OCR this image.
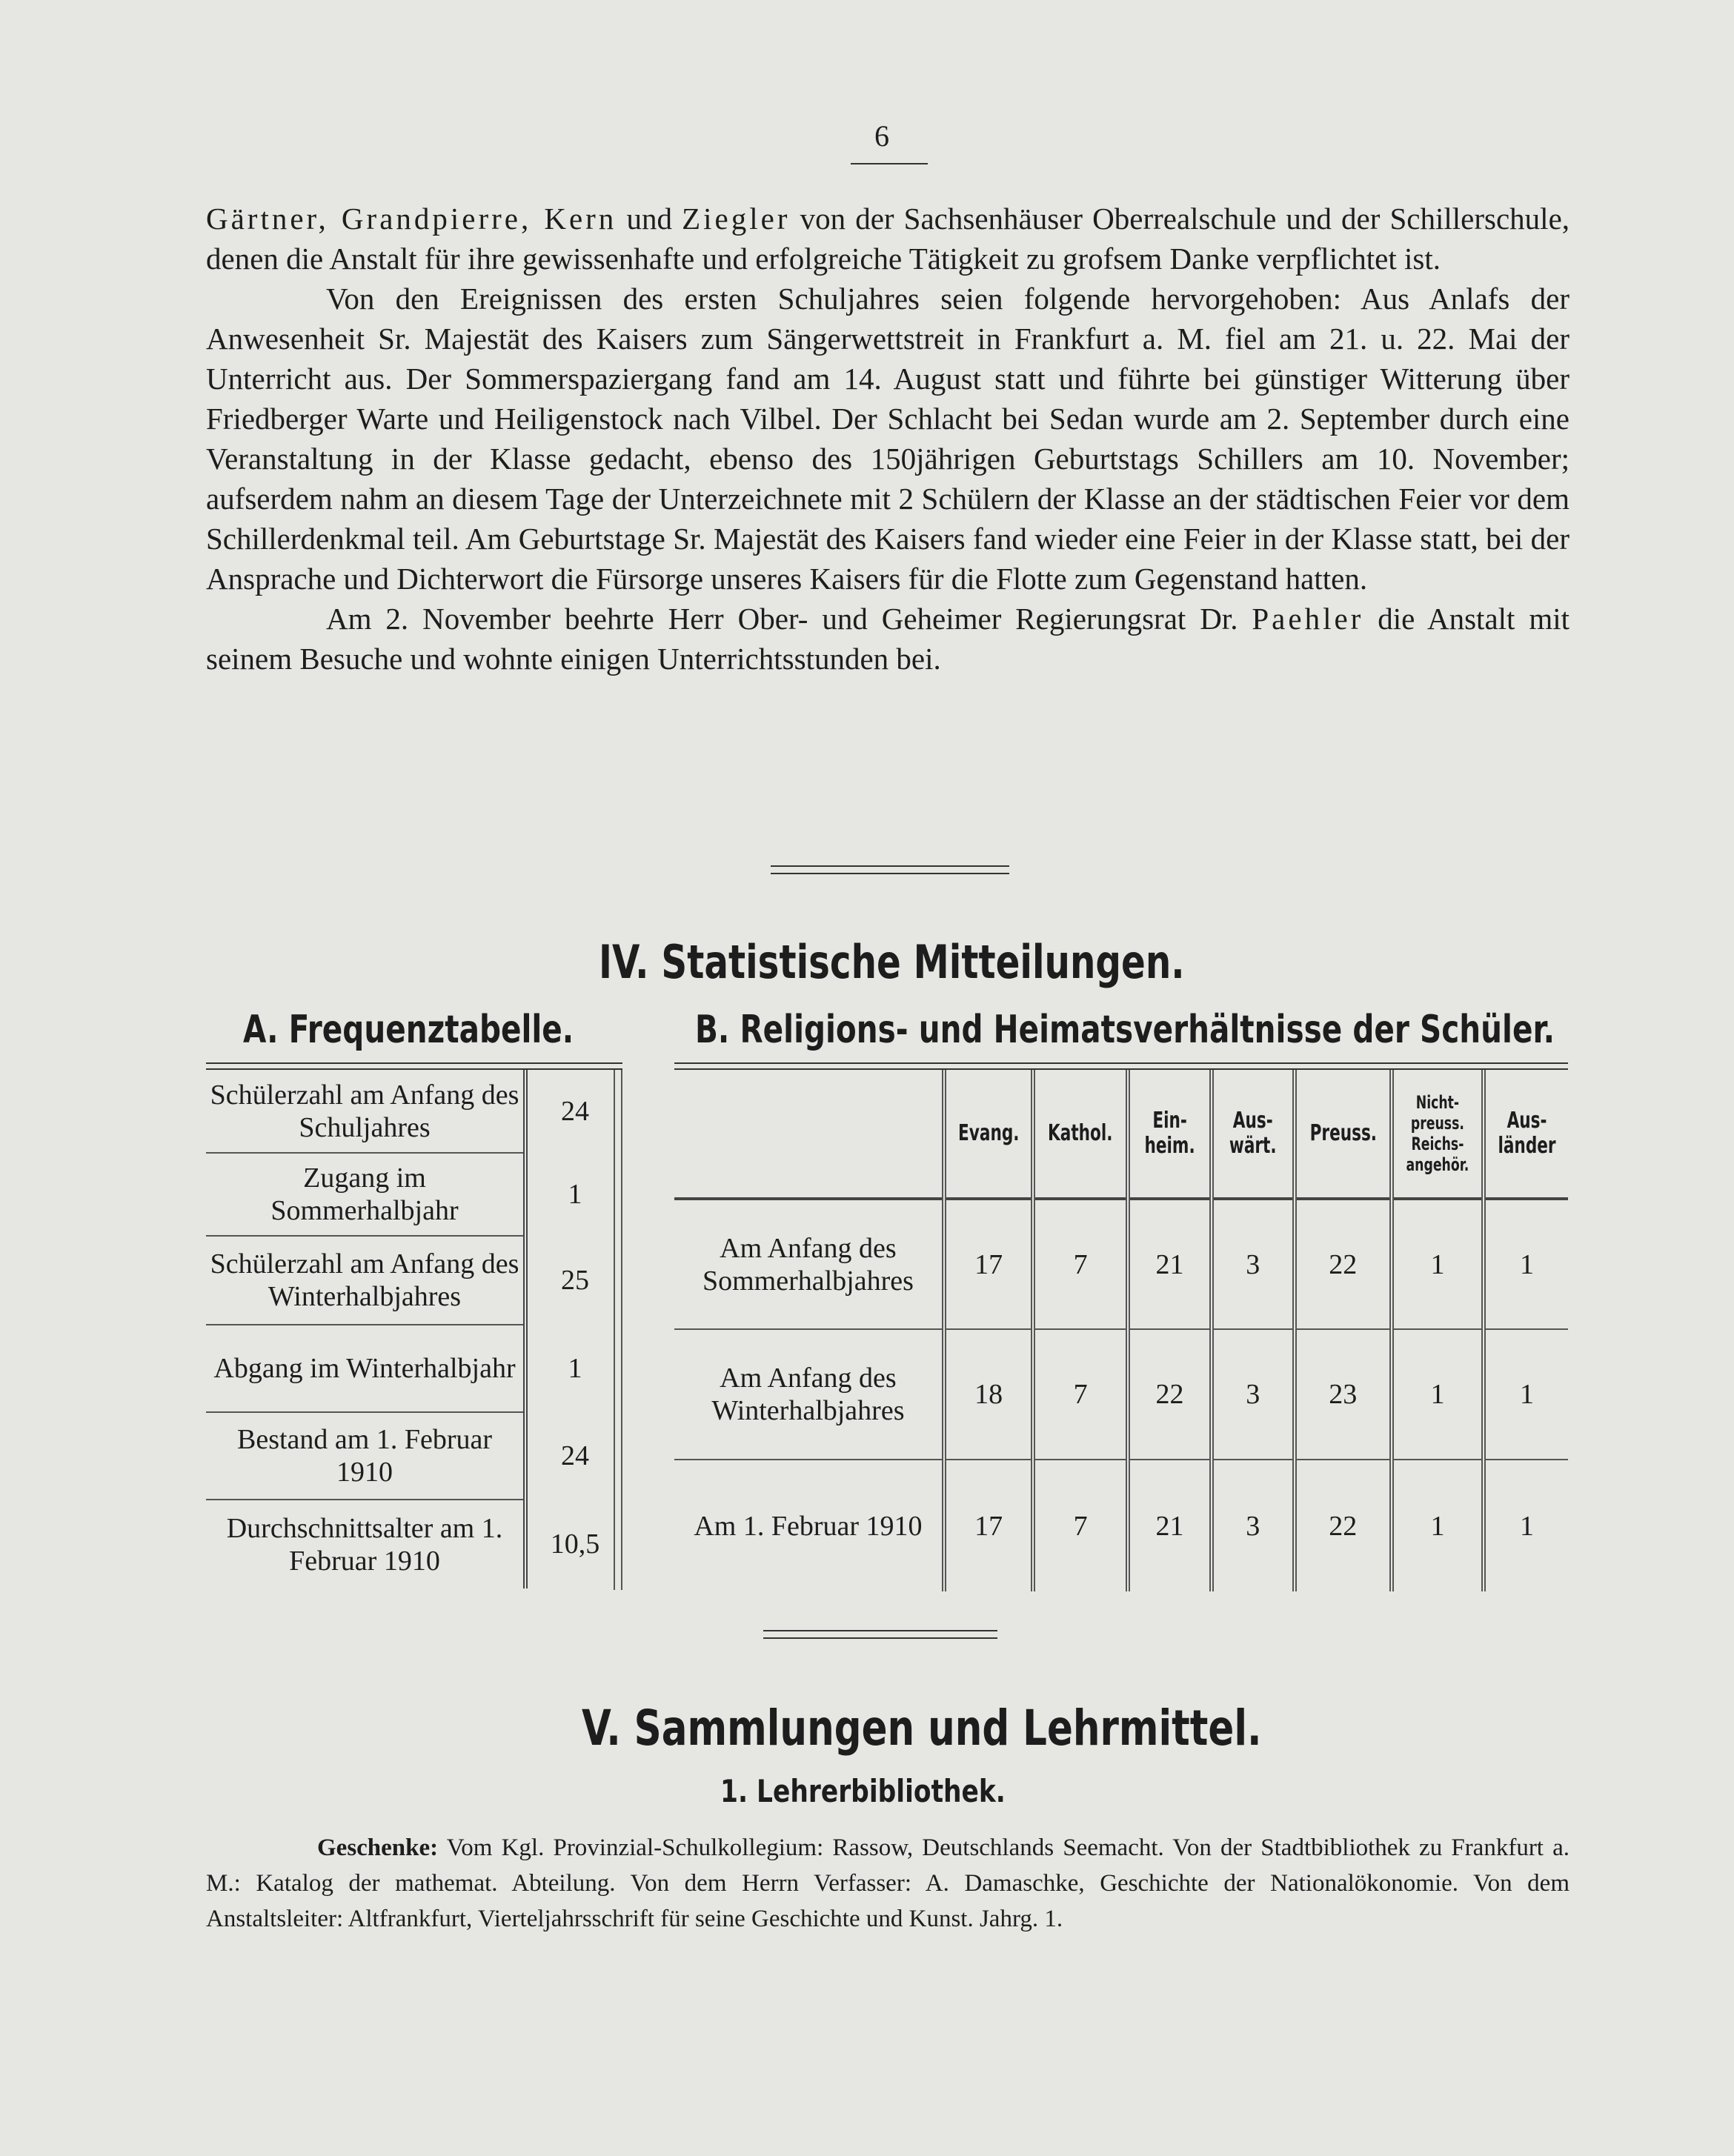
6

Gärtner, Grandpierre, Kern und Ziegler von der Sachsenhäuser Oberrealschule und der Schillerschule, denen die Anstalt für ihre gewissenhafte und erfolgreiche Tätigkeit zu grofsem Danke verpflichtet ist.

Von den Ereignissen des ersten Schuljahres seien folgende hervorgehoben: Aus Anlafs der Anwesenheit Sr. Majestät des Kaisers zum Sängerwettstreit in Frankfurt a. M. fiel am 21. u. 22. Mai der Unterricht aus. Der Sommerspaziergang fand am 14. August statt und führte bei günstiger Witterung über Friedberger Warte und Heiligenstock nach Vilbel. Der Schlacht bei Sedan wurde am 2. September durch eine Veranstaltung in der Klasse gedacht, ebenso des 150jährigen Geburtstags Schillers am 10. November; aufserdem nahm an diesem Tage der Unterzeichnete mit 2 Schülern der Klasse an der städtischen Feier vor dem Schillerdenkmal teil. Am Geburtstage Sr. Majestät des Kaisers fand wieder eine Feier in der Klasse statt, bei der Ansprache und Dichterwort die Fürsorge unseres Kaisers für die Flotte zum Gegenstand hatten.

Am 2. November beehrte Herr Ober- und Geheimer Regierungsrat Dr. Paehler die Anstalt mit seinem Besuche und wohnte einigen Unterrichtsstunden bei.

IV. Statistische Mitteilungen.
A. Frequenztabelle.	B. Religions- und Heimatsverhältnisse der Schüler.
Schülerzahl am Anfang des Schuljahres	24
Zugang im Sommerhalbjahr	1
Schülerzahl am Anfang des Winterhalbjahres	25
Abgang im Winterhalbjahr	1
Bestand am 1. Februar 1910	24
Durchschnittsalter am 1. Februar 1910	10,5
	Evang.	Kathol.	Ein-heim.	Aus-wärt.	Preuss.	Nicht-preuss. Reichs-angehör.	Aus-länder
Am Anfang des Sommerhalbjahres	17	7	21	3	22	1	1
Am Anfang des Winterhalbjahres	18	7	22	3	23	1	1
Am 1. Februar 1910	17	7	21	3	22	1	1
V. Sammlungen und Lehrmittel.
1. Lehrerbibliothek.

Geschenke: Vom Kgl. Provinzial-Schulkollegium: Rassow, Deutschlands Seemacht. Von der Stadtbibliothek zu Frankfurt a. M.: Katalog der mathemat. Abteilung. Von dem Herrn Verfasser: A. Damaschke, Geschichte der Nationalökonomie. Von dem Anstaltsleiter: Altfrankfurt, Vierteljahrsschrift für seine Geschichte und Kunst. Jahrg. 1.
